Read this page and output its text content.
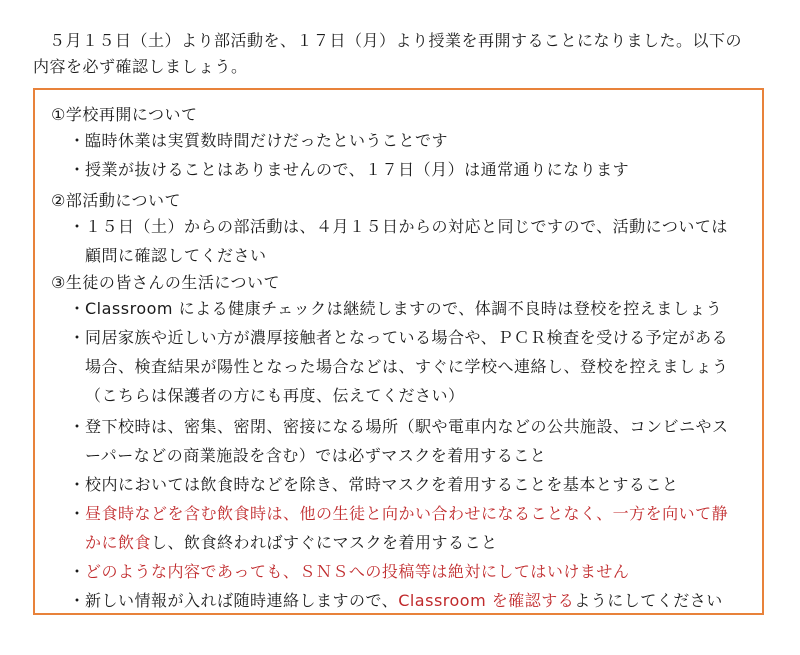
５月１５日（土）より部活動を、１７日（月）より授業を再開することになりました。以下の

内容を必ず確認しましょう。
①学校再開について
・臨時休業は実質数時間だけだったということです
・授業が抜けることはありませんので、１７日（月）は通常通りになります
②部活動について
・１５日（土）からの部活動は、４月１５日からの対応と同じですので、活動については
顧問に確認してください
③生徒の皆さんの生活について
・Classroom による健康チェックは継続しますので、体調不良時は登校を控えましょう
・同居家族や近しい方が濃厚接触者となっている場合や、ＰＣＲ検査を受ける予定がある
場合、検査結果が陽性となった場合などは、すぐに学校へ連絡し、登校を控えましょう
（こちらは保護者の方にも再度、伝えてください）
・登下校時は、密集、密閉、密接になる場所（駅や電車内などの公共施設、コンビニやス
ーパーなどの商業施設を含む）では必ずマスクを着用すること
・校内においては飲食時などを除き、常時マスクを着用することを基本とすること
・昼食時などを含む飲食時は、他の生徒と向かい合わせになることなく、一方を向いて静
かに飲食し、飲食終わればすぐにマスクを着用すること
・どのような内容であっても、ＳＮＳへの投稿等は絶対にしてはいけません
・新しい情報が入れば随時連絡しますので、Classroom を確認するようにしてください
